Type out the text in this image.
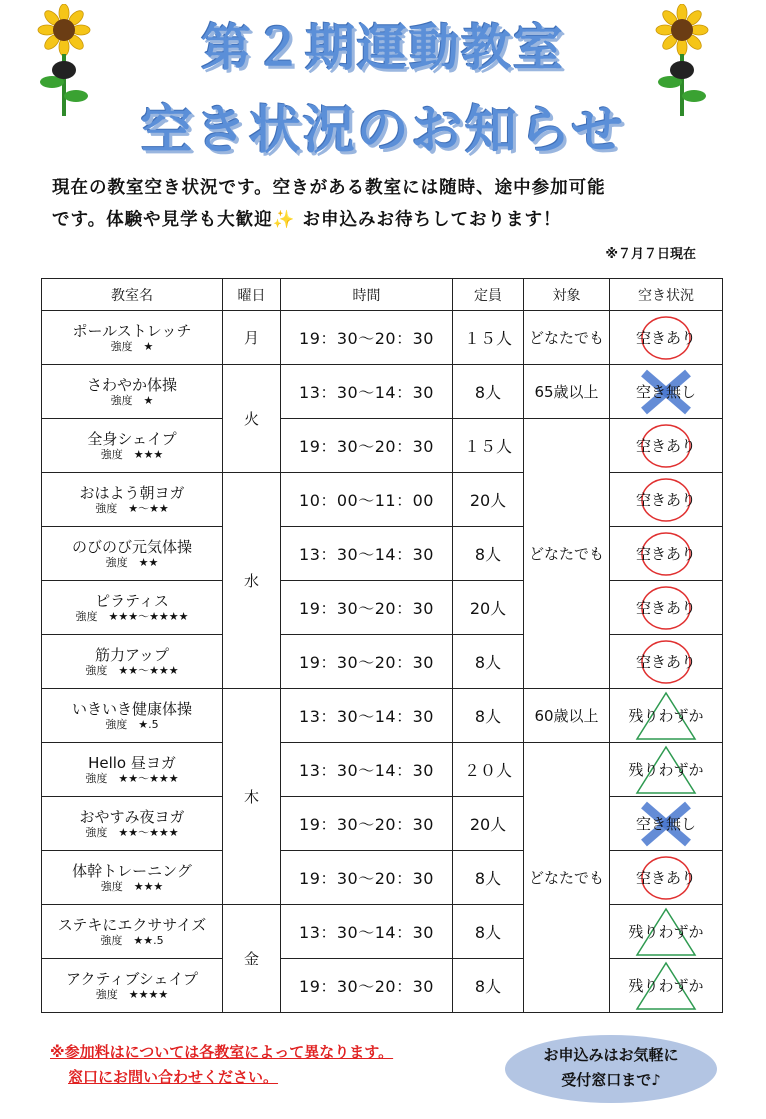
第２期運動教室
空き状況のお知らせ
現在の教室空き状況です。空きがある教室には随時、途中参加可能
です。体験や見学も大歓迎✨ お申込みお待ちしております！
※７月７日現在
教室名	曜日	時間	定員	対象	空き状況

ポールストレッチ
強度　★	月	19：30～20：30	１５人	どなたでも	空きあり

さわやか体操
強度　★	火	13：30～14：30	8人	65歳以上	空き無し

全身シェイプ
強度　★★★		19：30～20：30	１５人	どなたでも	空きあり

おはよう朝ヨガ
強度　★～★★	水	10：00～11：00	20人		空きあり

のびのび元気体操
強度　★★		13：30～14：30	8人		空きあり

ピラティス
強度　★★★～★★★★		19：30～20：30	20人		空きあり

筋力アップ
強度　★★～★★★		19：30～20：30	8人		空きあり

いきいき健康体操
強度　★.5	木	13：30～14：30	8人	60歳以上	残りわずか

Hello 昼ヨガ
強度　★★～★★★		13：30～14：30	２０人	どなたでも	残りわずか

おやすみ夜ヨガ
強度　★★～★★★		19：30～20：30	20人		空き無し

体幹トレーニング
強度　★★★		19：30～20：30	8人		空きあり

ステキにエクササイズ
強度　★★.5	金	13：30～14：30	8人		残りわずか

アクティブシェイプ
強度　★★★★		19：30～20：30	8人		残りわずか
※参加料はについては各教室によって異なります。
窓口にお問い合わせください。
お申込みはお気軽に
受付窓口まで♪
